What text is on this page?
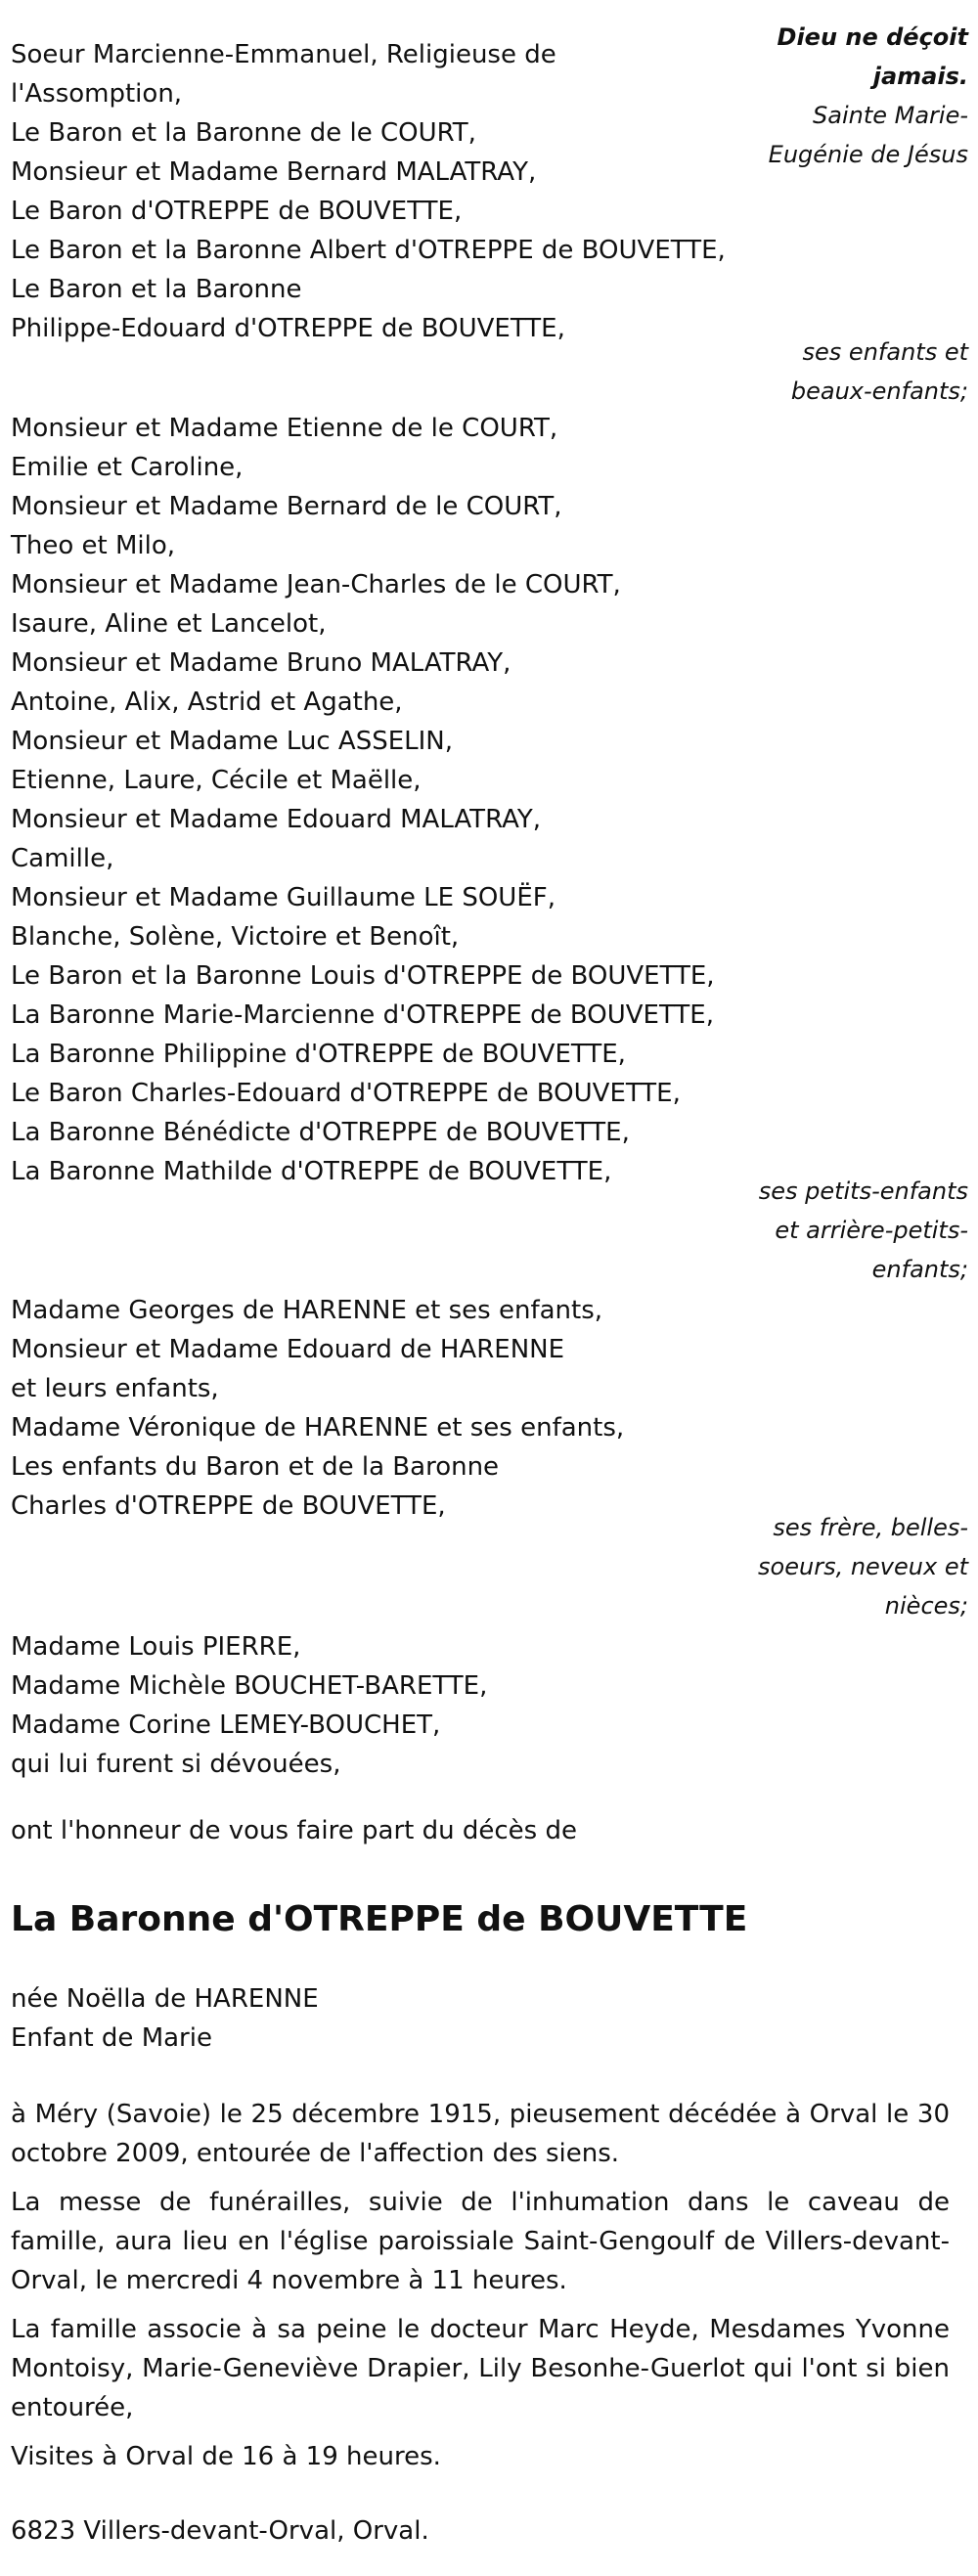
Dieu ne déçoit
jamais.
Sainte Marie-
Eugénie de Jésus
Soeur Marcienne-Emmanuel, Religieuse de
l'Assomption,
Le Baron et la Baronne de le COURT,
Monsieur et Madame Bernard MALATRAY,
Le Baron d'OTREPPE de BOUVETTE,
Le Baron et la Baronne Albert d'OTREPPE de BOUVETTE,
Le Baron et la Baronne
Philippe-Edouard d'OTREPPE de BOUVETTE,
ses enfants et
beaux-enfants;
Monsieur et Madame Etienne de le COURT,
Emilie et Caroline,
Monsieur et Madame Bernard de le COURT,
Theo et Milo,
Monsieur et Madame Jean-Charles de le COURT,
Isaure, Aline et Lancelot,
Monsieur et Madame Bruno MALATRAY,
Antoine, Alix, Astrid et Agathe,
Monsieur et Madame Luc ASSELIN,
Etienne, Laure, Cécile et Maëlle,
Monsieur et Madame Edouard MALATRAY,
Camille,
Monsieur et Madame Guillaume LE SOUËF,
Blanche, Solène, Victoire et Benoît,
Le Baron et la Baronne Louis d'OTREPPE de BOUVETTE,
La Baronne Marie-Marcienne d'OTREPPE de BOUVETTE,
La Baronne Philippine d'OTREPPE de BOUVETTE,
Le Baron Charles-Edouard d'OTREPPE de BOUVETTE,
La Baronne Bénédicte d'OTREPPE de BOUVETTE,
La Baronne Mathilde d'OTREPPE de BOUVETTE,
ses petits-enfants
et arrière-petits-
enfants;
Madame Georges de HARENNE et ses enfants,
Monsieur et Madame Edouard de HARENNE
et leurs enfants,
Madame Véronique de HARENNE et ses enfants,
Les enfants du Baron et de la Baronne
Charles d'OTREPPE de BOUVETTE,
ses frère, belles-
soeurs, neveux et
nièces;
Madame Louis PIERRE,
Madame Michèle BOUCHET-BARETTE,
Madame Corine LEMEY-BOUCHET,
qui lui furent si dévouées,
ont l'honneur de vous faire part du décès de
La Baronne d'OTREPPE de BOUVETTE
née Noëlla de HARENNE
Enfant de Marie
à Méry (Savoie) le 25 décembre 1915, pieusement décédée à Orval le 30 octobre 2009, entourée de l'affection des siens.
La messe de funérailles, suivie de l'inhumation dans le caveau de famille, aura lieu en l'église paroissiale Saint-Gengoulf de Villers-devant-Orval, le mercredi 4 novembre à 11 heures.
La famille associe à sa peine le docteur Marc Heyde, Mesdames Yvonne Montoisy, Marie-Geneviève Drapier, Lily Besonhe-Guerlot qui l'ont si bien entourée,
Visites à Orval de 16 à 19 heures.
6823 Villers-devant-Orval, Orval.
